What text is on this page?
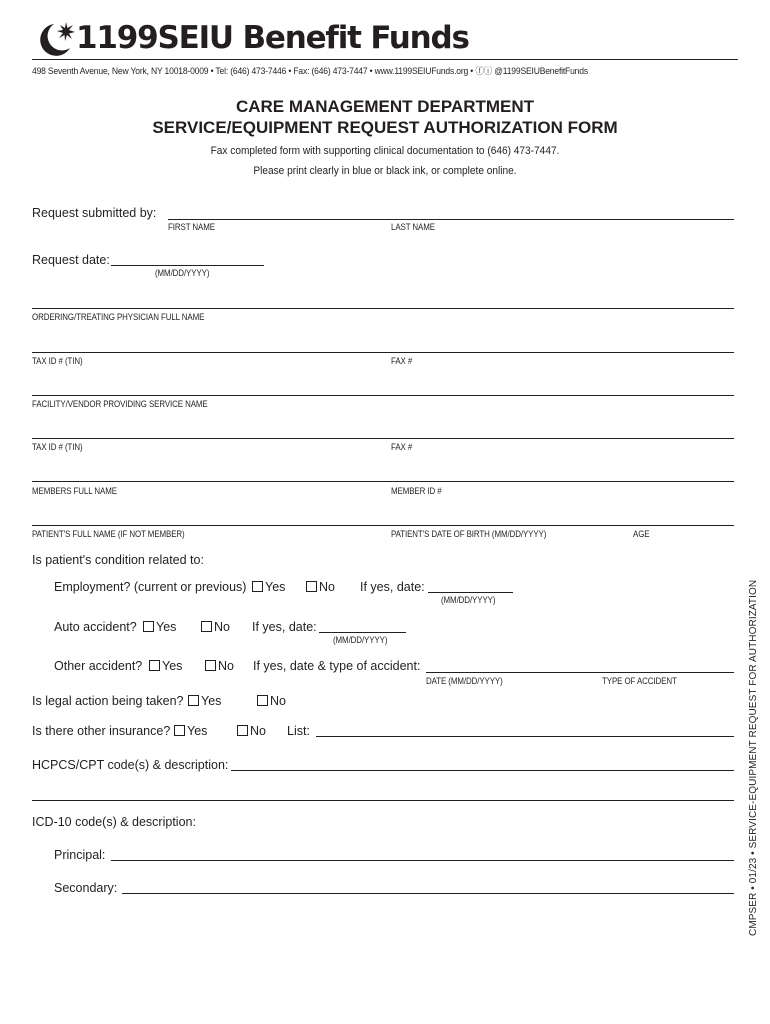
1199SEIU Benefit Funds
498 Seventh Avenue, New York, NY 10018-0009 • Tel: (646) 473-7446 • Fax: (646) 473-7447 • www.1199SEIUFunds.org • ⓕⓘ @1199SEIUBenefitFunds
CARE MANAGEMENT DEPARTMENT
SERVICE/EQUIPMENT REQUEST AUTHORIZATION FORM
Fax completed form with supporting clinical documentation to (646) 473-7447.
Please print clearly in blue or black ink, or complete online.
Request submitted by:
FIRST NAME	LAST NAME
Request date:
(MM/DD/YYYY)
ORDERING/TREATING PHYSICIAN FULL NAME
TAX ID # (TIN)	FAX #
FACILITY/VENDOR PROVIDING SERVICE NAME
TAX ID # (TIN)	FAX #
MEMBERS FULL NAME	MEMBER ID #
PATIENT'S FULL NAME (IF NOT MEMBER)	PATIENT'S DATE OF BIRTH (MM/DD/YYYY)	AGE
Is patient's condition related to:
Employment? (current or previous)	Yes	No If yes, date:
(MM/DD/YYYY)
Auto accident?	Yes	No If yes, date:
(MM/DD/YYYY)
Other accident?	Yes	No If yes, date & type of accident:
DATE (MM/DD/YYYY)	TYPE OF ACCIDENT
Is legal action being taken?	Yes	No
Is there other insurance?	Yes	No List:
HCPCS/CPT code(s) & description:
ICD-10 code(s) & description:
Principal:
Secondary:	CMPSER • 01/23 • SERVICE-EQUIPMENT REQUEST FOR AUTHORIZATION
